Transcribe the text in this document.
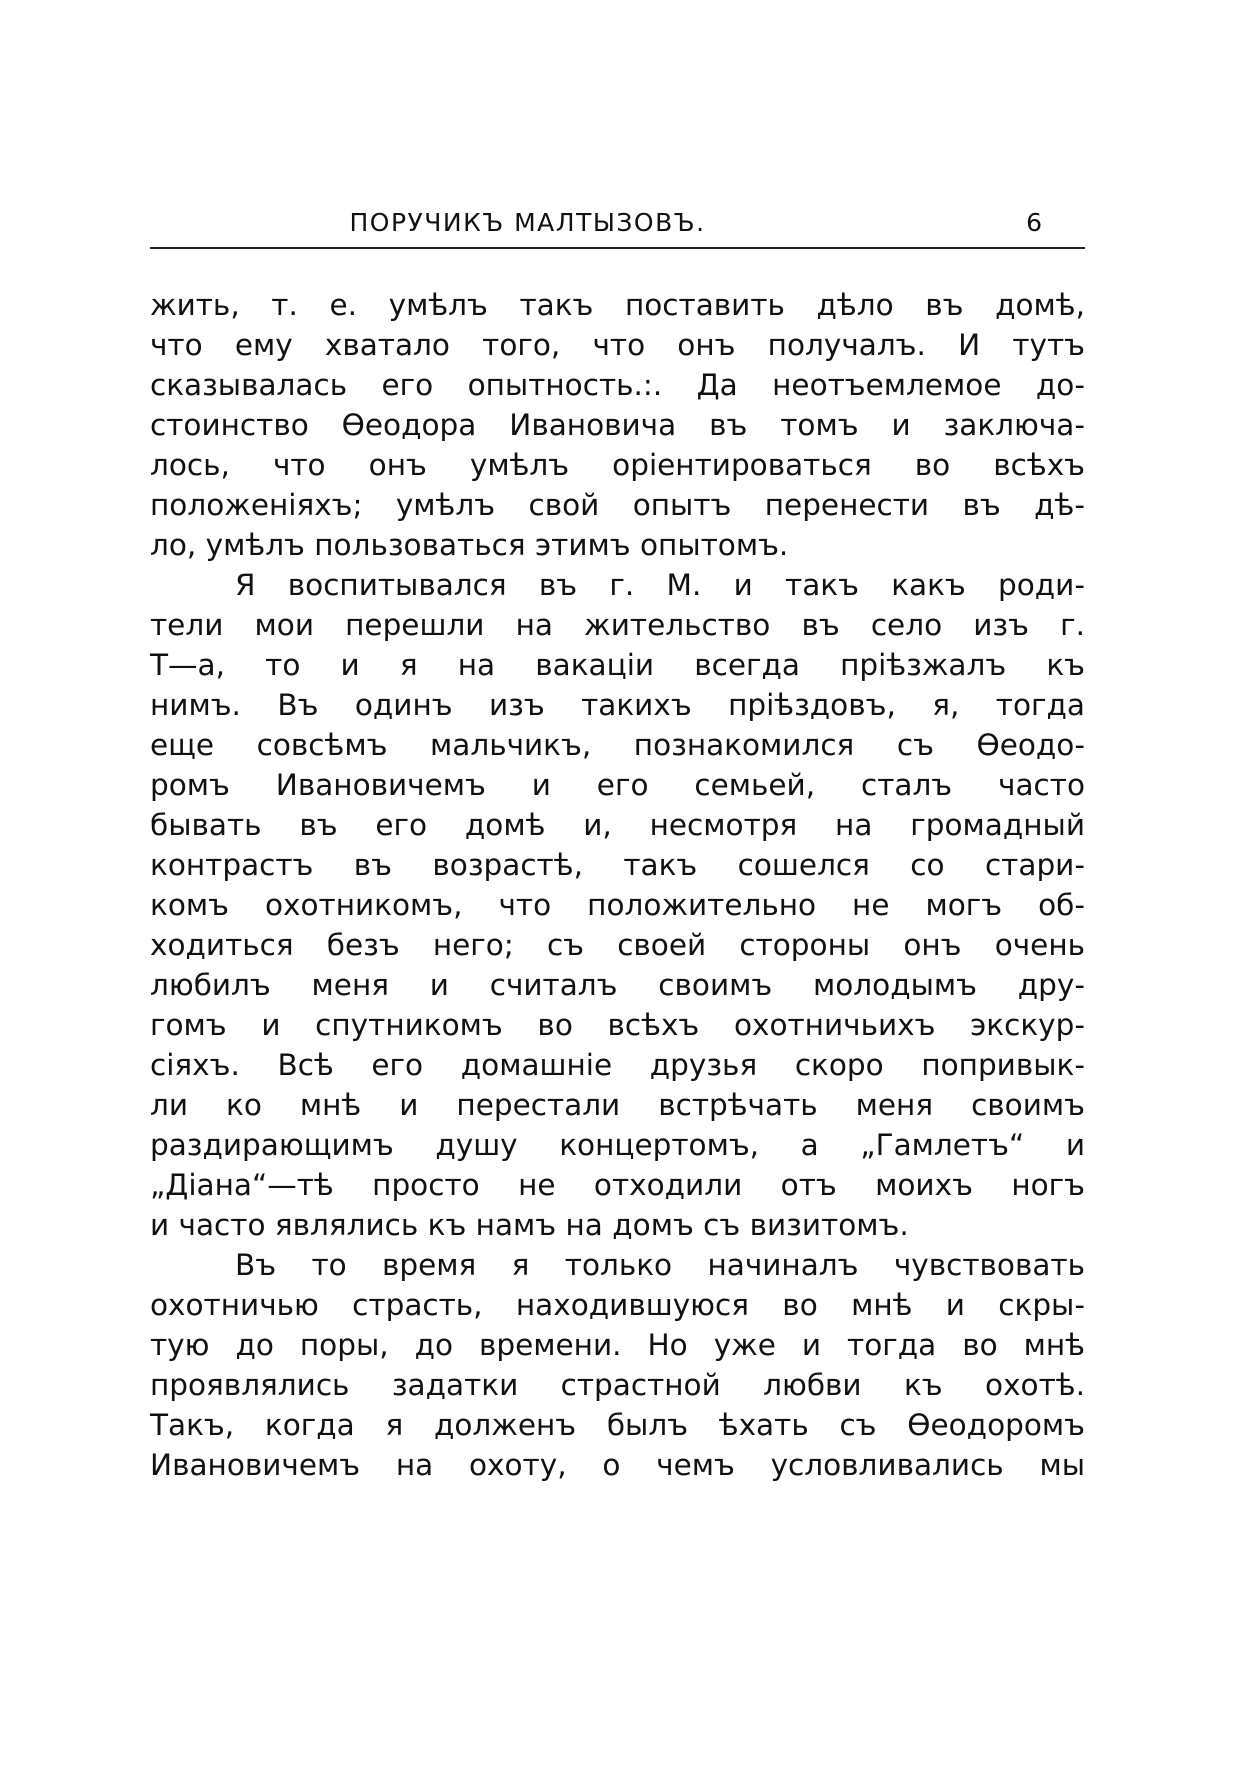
ПОРУЧИКЪ МАЛТЫЗОВЪ.	6
жить, т. е. умѣлъ такъ поставить дѣло въ домѣ,
что ему хватало того, что онъ получалъ. И тутъ
сказывалась его опытность.:. Да неотъемлемое до-
стоинство Ѳеодора Ивановича въ томъ и заключа-
лось, что онъ умѣлъ оріентироваться во всѣхъ
положеніяхъ; умѣлъ свой опытъ перенести въ дѣ-
ло, умѣлъ пользоваться этимъ опытомъ.
Я воспитывался въ г. М. и такъ какъ роди-
тели мои перешли на жительство въ село изъ г.
Т—а, то и я на вакаціи всегда пріѣзжалъ къ
нимъ. Въ одинъ изъ такихъ пріѣздовъ, я, тогда
еще совсѣмъ мальчикъ, познакомился съ Ѳеодо-
ромъ Ивановичемъ и его семьей, сталъ часто
бывать въ его домѣ и, несмотря на громадный
контрастъ въ возрастѣ, такъ сошелся со стари-
комъ охотникомъ, что положительно не могъ об-
ходиться безъ него; съ своей стороны онъ очень
любилъ меня и считалъ своимъ молодымъ дру-
гомъ и спутникомъ во всѣхъ охотничьихъ экскур-
сіяхъ. Всѣ его домашніе друзья скоро попривык-
ли ко мнѣ и перестали встрѣчать меня своимъ
раздирающимъ душу концертомъ, а „Гамлетъ“ и
„Діана“—тѣ просто не отходили отъ моихъ ногъ
и часто являлись къ намъ на домъ съ визитомъ.
Въ то время я только начиналъ чувствовать
охотничью страсть, находившуюся во мнѣ и скры-
тую до поры, до времени. Но уже и тогда во мнѣ
проявлялись задатки страстной любви къ охотѣ.
Такъ, когда я долженъ былъ ѣхать съ Ѳеодоромъ
Ивановичемъ на охоту, о чемъ условливались мы
